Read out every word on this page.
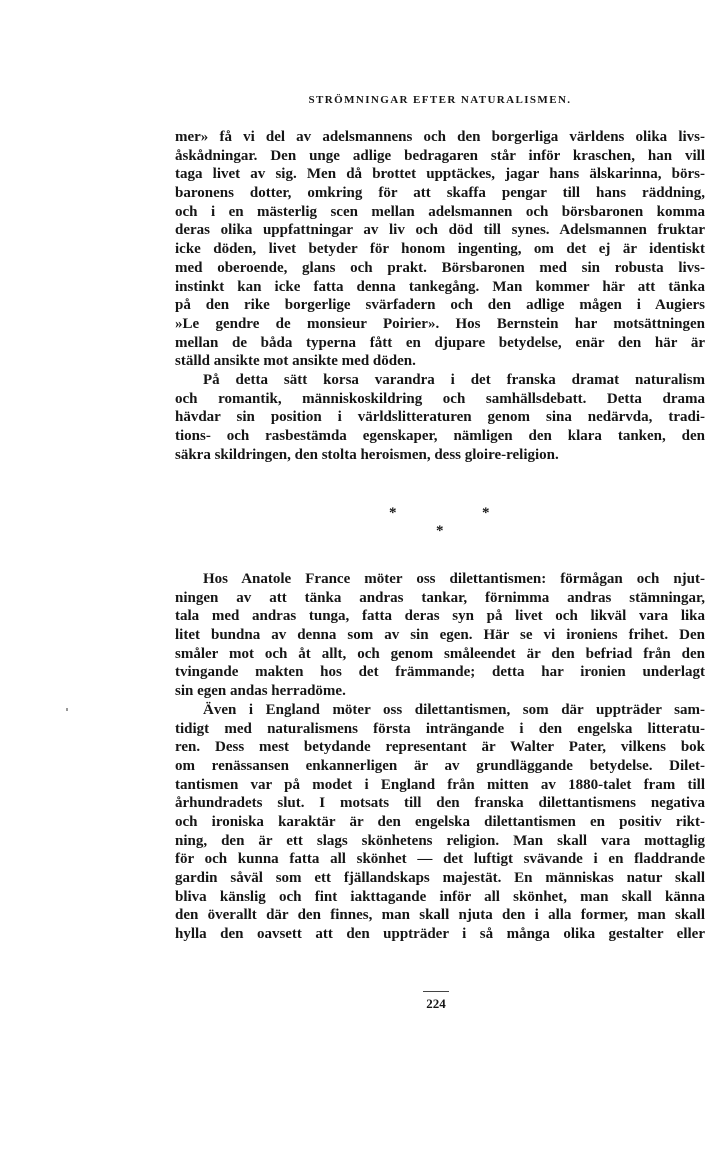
STRÖMNINGAR EFTER NATURALISMEN.
mer» få vi del av adelsmannens och den borgerliga världens olika livs-
åskådningar. Den unge adlige bedragaren står inför kraschen, han vill
taga livet av sig. Men då brottet upptäckes, jagar hans älskarinna, börs-
baronens dotter, omkring för att skaffa pengar till hans räddning,
och i en mästerlig scen mellan adelsmannen och börsbaronen komma
deras olika uppfattningar av liv och död till synes. Adelsmannen fruktar
icke döden, livet betyder för honom ingenting, om det ej är identiskt
med oberoende, glans och prakt. Börsbaronen med sin robusta livs-
instinkt kan icke fatta denna tankegång. Man kommer här att tänka
på den rike borgerlige svärfadern och den adlige mågen i Augiers
»Le gendre de monsieur Poirier». Hos Bernstein har motsättningen
mellan de båda typerna fått en djupare betydelse, enär den här är
ställd ansikte mot ansikte med döden.
På detta sätt korsa varandra i det franska dramat naturalism
och romantik, människoskildring och samhällsdebatt. Detta drama
hävdar sin position i världslitteraturen genom sina nedärvda, tradi-
tions- och rasbestämda egenskaper, nämligen den klara tanken, den
säkra skildringen, den stolta heroismen, dess gloire-religion.
*	*
*
Hos Anatole France möter oss dilettantismen: förmågan och njut-
ningen av att tänka andras tankar, förnimma andras stämningar,
tala med andras tunga, fatta deras syn på livet och likväl vara lika
litet bundna av denna som av sin egen. Här se vi ironiens frihet. Den
småler mot och åt allt, och genom småleendet är den befriad från den
tvingande makten hos det främmande; detta har ironien underlagt
sin egen andas herradöme.
Även i England möter oss dilettantismen, som där uppträder sam-
tidigt med naturalismens första inträngande i den engelska litteratu-
ren. Dess mest betydande representant är Walter Pater, vilkens bok
om renässansen enkannerligen är av grundläggande betydelse. Dilet-
tantismen var på modet i England från mitten av 1880-talet fram till
århundradets slut. I motsats till den franska dilettantismens negativa
och ironiska karaktär är den engelska dilettantismen en positiv rikt-
ning, den är ett slags skönhetens religion. Man skall vara mottaglig
för och kunna fatta all skönhet — det luftigt svävande i en fladdrande
gardin såväl som ett fjällandskaps majestät. En människas natur skall
bliva känslig och fint iakttagande inför all skönhet, man skall känna
den överallt där den finnes, man skall njuta den i alla former, man skall
hylla den oavsett att den uppträder i så många olika gestalter eller
224
